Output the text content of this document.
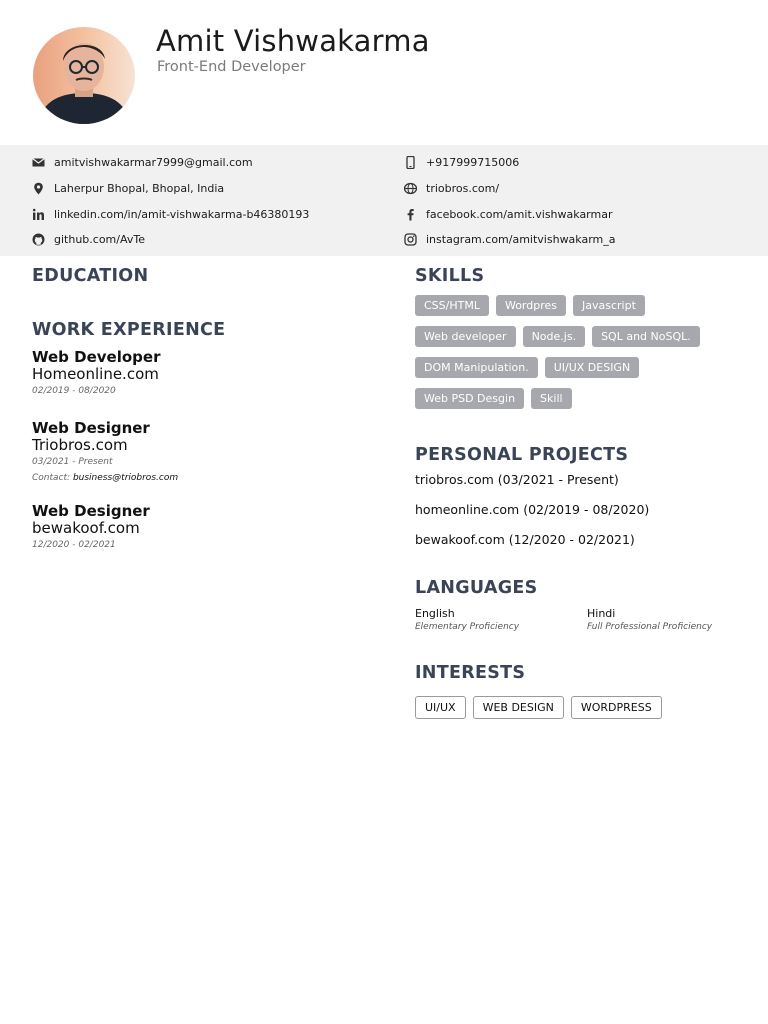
Amit Vishwakarma
Front-End Developer
amitvishwakarmar7999@gmail.com	+917999715006
Laherpur Bhopal, Bhopal, India	triobros.com/
linkedin.com/in/amit-vishwakarma-b46380193	facebook.com/amit.vishwakarmar
github.com/AvTe	instagram.com/amitvishwakarm_a
EDUCATION
WORK EXPERIENCE
Web Developer
Homeonline.com
02/2019 - 08/2020
Web Designer
Triobros.com
03/2021 - Present
Contact: business@triobros.com
Web Designer
bewakoof.com
12/2020 - 02/2021
SKILLS
CSS/HTML	Wordpres	Javascript
Web developer	Node.js.	SQL and NoSQL.
DOM Manipulation.	UI/UX DESIGN
Web PSD Desgin	Skill
PERSONAL PROJECTS
triobros.com (03/2021 - Present)
homeonline.com (02/2019 - 08/2020)
bewakoof.com (12/2020 - 02/2021)
LANGUAGES
English
Elementary Proficiency
Hindi
Full Professional Proficiency
INTERESTS
UI/UX	WEB DESIGN	WORDPRESS
